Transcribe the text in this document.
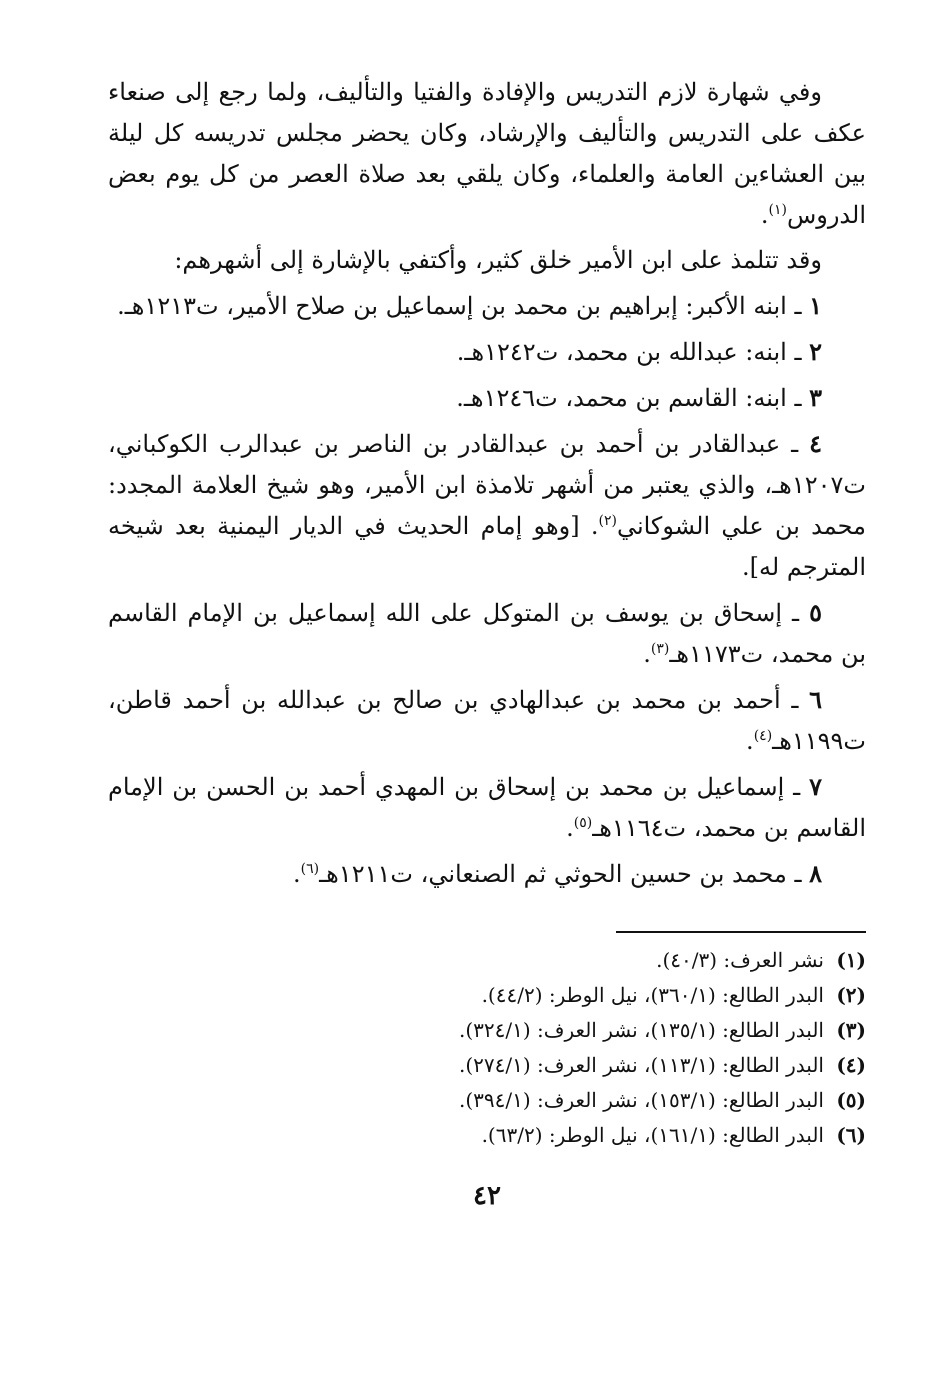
وفي شهارة لازم التدريس والإفادة والفتيا والتأليف، ولما رجع إلى صنعاء عكف على التدريس والتأليف والإرشاد، وكان يحضر مجلس تدريسه كل ليلة بين العشاءين العامة والعلماء، وكان يلقي بعد صلاة العصر من كل يوم بعض الدروس$^{(١)}$.

وقد تتلمذ على ابن الأمير خلق كثير، وأكتفي بالإشارة إلى أشهرهم:

١ ـ ابنه الأكبر: إبراهيم بن محمد بن إسماعيل بن صلاح الأمير، ت١٢١٣هـ.

٢ ـ ابنه: عبدالله بن محمد، ت١٢٤٢هـ.

٣ ـ ابنه: القاسم بن محمد، ت١٢٤٦هـ.

٤ ـ عبدالقادر بن أحمد بن عبدالقادر بن الناصر بن عبدالرب الكوكباني، ت١٢٠٧هـ، والذي يعتبر من أشهر تلامذة ابن الأمير، وهو شيخ العلامة المجدد: محمد بن علي الشوكاني$^{(٢)}$. [وهو إمام الحديث في الديار اليمنية بعد شيخه المترجم له].

٥ ـ إسحاق بن يوسف بن المتوكل على الله إسماعيل بن الإمام القاسم بن محمد، ت١١٧٣هـ$^{(٣)}$.

٦ ـ أحمد بن محمد بن عبدالهادي بن صالح بن عبدالله بن أحمد قاطن، ت١١٩٩هـ$^{(٤)}$.

٧ ـ إسماعيل بن محمد بن إسحاق بن المهدي أحمد بن الحسن بن الإمام القاسم بن محمد، ت١١٦٤هـ$^{(٥)}$.

٨ ـ محمد بن حسين الحوثي ثم الصنعاني، ت١٢١١هـ$^{(٦)}$.

(١)
نشر العرف: (٤٠/٣).
(٢)
البدر الطالع: (٣٦٠/١)، نيل الوطر: (٤٤/٢).
(٣)
البدر الطالع: (١٣٥/١)، نشر العرف: (٣٢٤/١).
(٤)
البدر الطالع: (١١٣/١)، نشر العرف: (٢٧٤/١).
(٥)
البدر الطالع: (١٥٣/١)، نشر العرف: (٣٩٤/١).
(٦)
البدر الطالع: (١٦١/١)، نيل الوطر: (٦٣/٢).
٤٢
